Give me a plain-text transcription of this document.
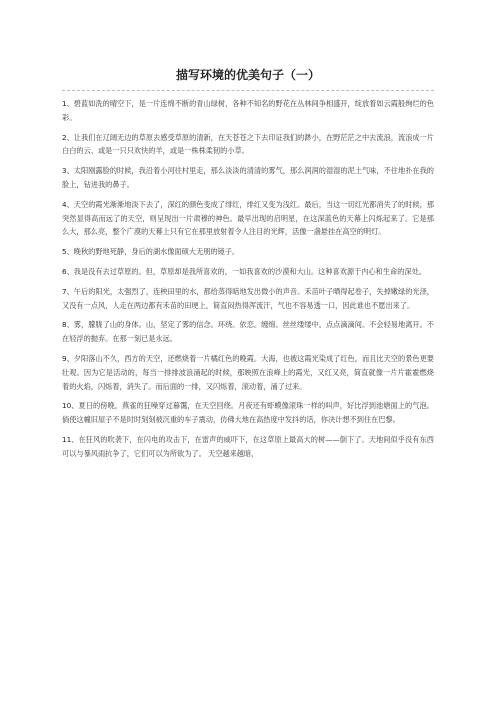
描写环境的优美句子（一）

1、碧蓝如洗的晴空下，是一片连绵不断的青山绿树，各种不知名的野花在丛林间争相盛开，绽放着如云霞般绚烂的色彩。

2、让我们在辽阔无边的草原去感受草原的清新，在天苍苍之下去印证我们的渺小，在野茫茫之中去流浪，流浪成一片白白的云、或是一只只欢快的羊，或是一株株柔韧的小草。

3、太阳刚露脸的时候，我沿着小河往村里走，那么淡淡的清清的雾气，那么润润的湿湿的泥土气味，不住地扑在我的脸上，钻进我的鼻子。

4、天空的霞光渐渐地淡下去了，深红的颜色变成了绯红，绯红又变为浅红。最后，当这一切红光都消失了的时候，那突然显得高而远了的天空，则呈现出一片肃穆的神色。最早出现的启明星，在这深蓝色的天幕上闪烁起来了。它是那么大，那么亮，整个广漠的天幕上只有它在那里放射着令人注目的光辉，活像一盏悬挂在高空的明灯。

5、晚秋的野地死静，身后的湖水像面硕大无朋的镜子。

6、我是没有去过草原的。但，草原却是我所喜欢的，一如我喜欢的沙漠和大山。这种喜欢源于内心和生命的深处。

7、午后的阳光，太强烈了，连秧田里的水，都给蒸得暗地发出微小的声音。禾苗叶子晒得起卷子，失掉嫩绿的光泽，又没有一点风，人走在两边都有禾苗的田埂上，简直闷热得浑流汗，气也不容易透一口，因此谁也不愿出来了。

8、雾，朦胧了山的身体。山，坚定了雾的信念。环绕。依恋。缠绵。丝丝缕缕中。点点滴滴间。不会轻易地离开。不在轻浮的抛弃。在那一刻已是永远。

9、夕阳落山不久，西方的天空，还燃烧着一片橘红色的晚霞。大海，也被这霞光染成了红色，而且比天空的景色更要壮观。因为它是活动的，每当一排排波浪涌起的时候，那映照在浪峰上的霞光，又红又亮，简直就像一片片霍霍燃烧着的火焰，闪烁着，消失了。而后面的一排，又闪烁着，滚动着，涌了过来。

10、夏日的傍晚，燕雀的狂噪穿过暮霭，在天空回绕。月夜还有虾蟆像滚珠一样的叫声，好比浮到池塘面上的气泡。倘使这幢旧屋子不是时时刻刻被沉重的车子震动，仿佛大地在高热度中发抖的话，你决计想不到住在巴黎。

11、在狂风的吹袭下，在闪电的攻击下，在雷声的威吓下，在这草原上最高大的树——倒下了。天地间似乎没有东西可以与暴风雨抗争了，它们可以为所欲为了。 天空越来越暗，
